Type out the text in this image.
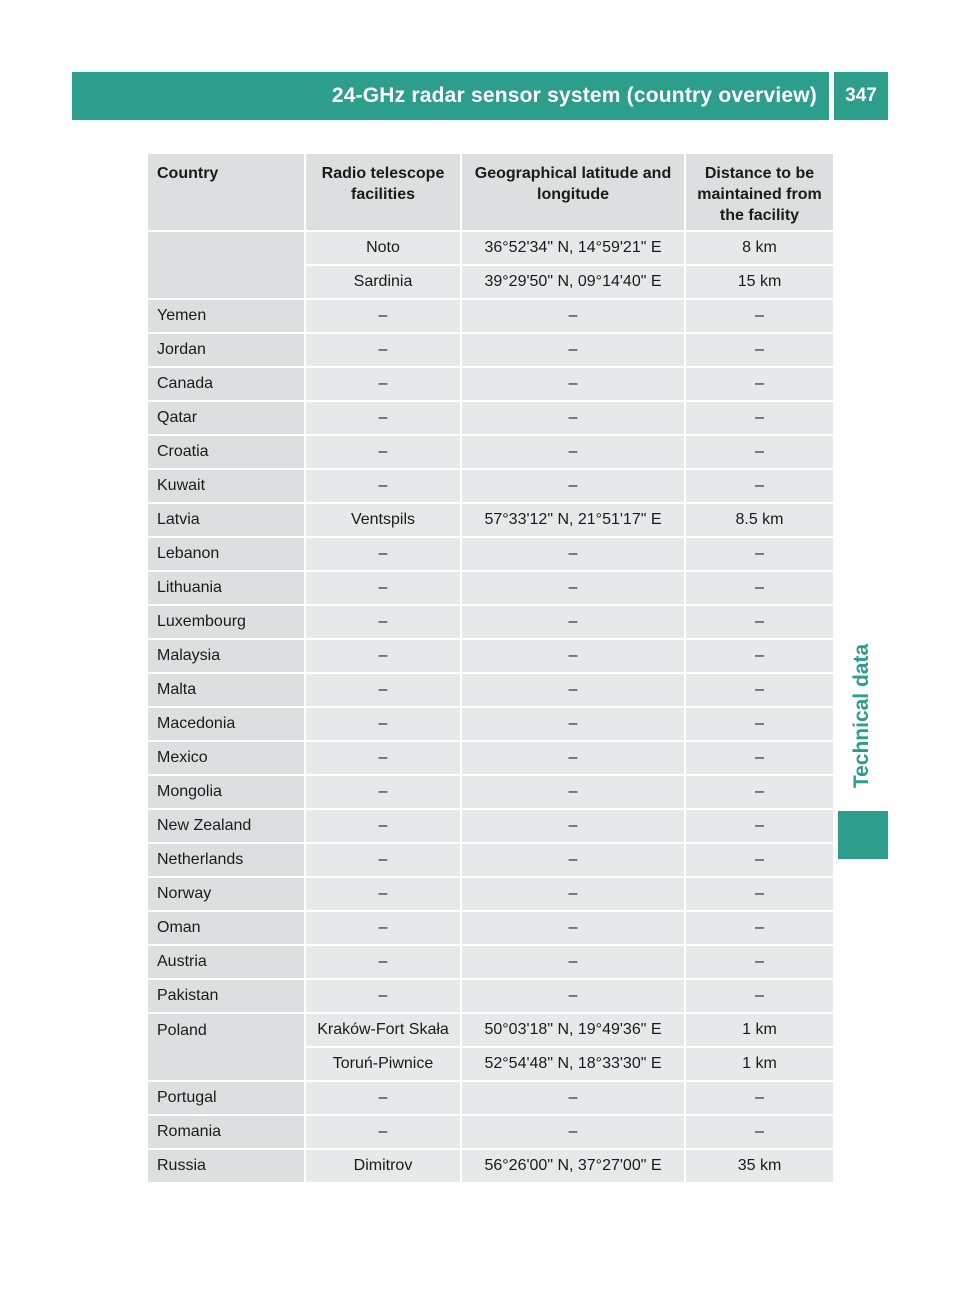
24-GHz radar sensor system (country overview)	347
Technical data
Country	Radio telescope facilities	Geographical latitude and longitude	Distance to be maintained from the facility
	Noto	36°52'34" N, 14°59'21" E	8 km
	Sardinia	39°29'50" N, 09°14'40" E	15 km
Yemen	–	–	–
Jordan	–	–	–
Canada	–	–	–
Qatar	–	–	–
Croatia	–	–	–
Kuwait	–	–	–
Latvia	Ventspils	57°33'12" N, 21°51'17" E	8.5 km
Lebanon	–	–	–
Lithuania	–	–	–
Luxembourg	–	–	–
Malaysia	–	–	–
Malta	–	–	–
Macedonia	–	–	–
Mexico	–	–	–
Mongolia	–	–	–
New Zealand	–	–	–
Netherlands	–	–	–
Norway	–	–	–
Oman	–	–	–
Austria	–	–	–
Pakistan	–	–	–
Poland	Kraków-Fort Skała	50°03'18" N, 19°49'36" E	1 km
	Toruń-Piwnice	52°54'48" N, 18°33'30" E	1 km
Portugal	–	–	–
Romania	–	–	–
Russia	Dimitrov	56°26'00" N, 37°27'00" E	35 km
